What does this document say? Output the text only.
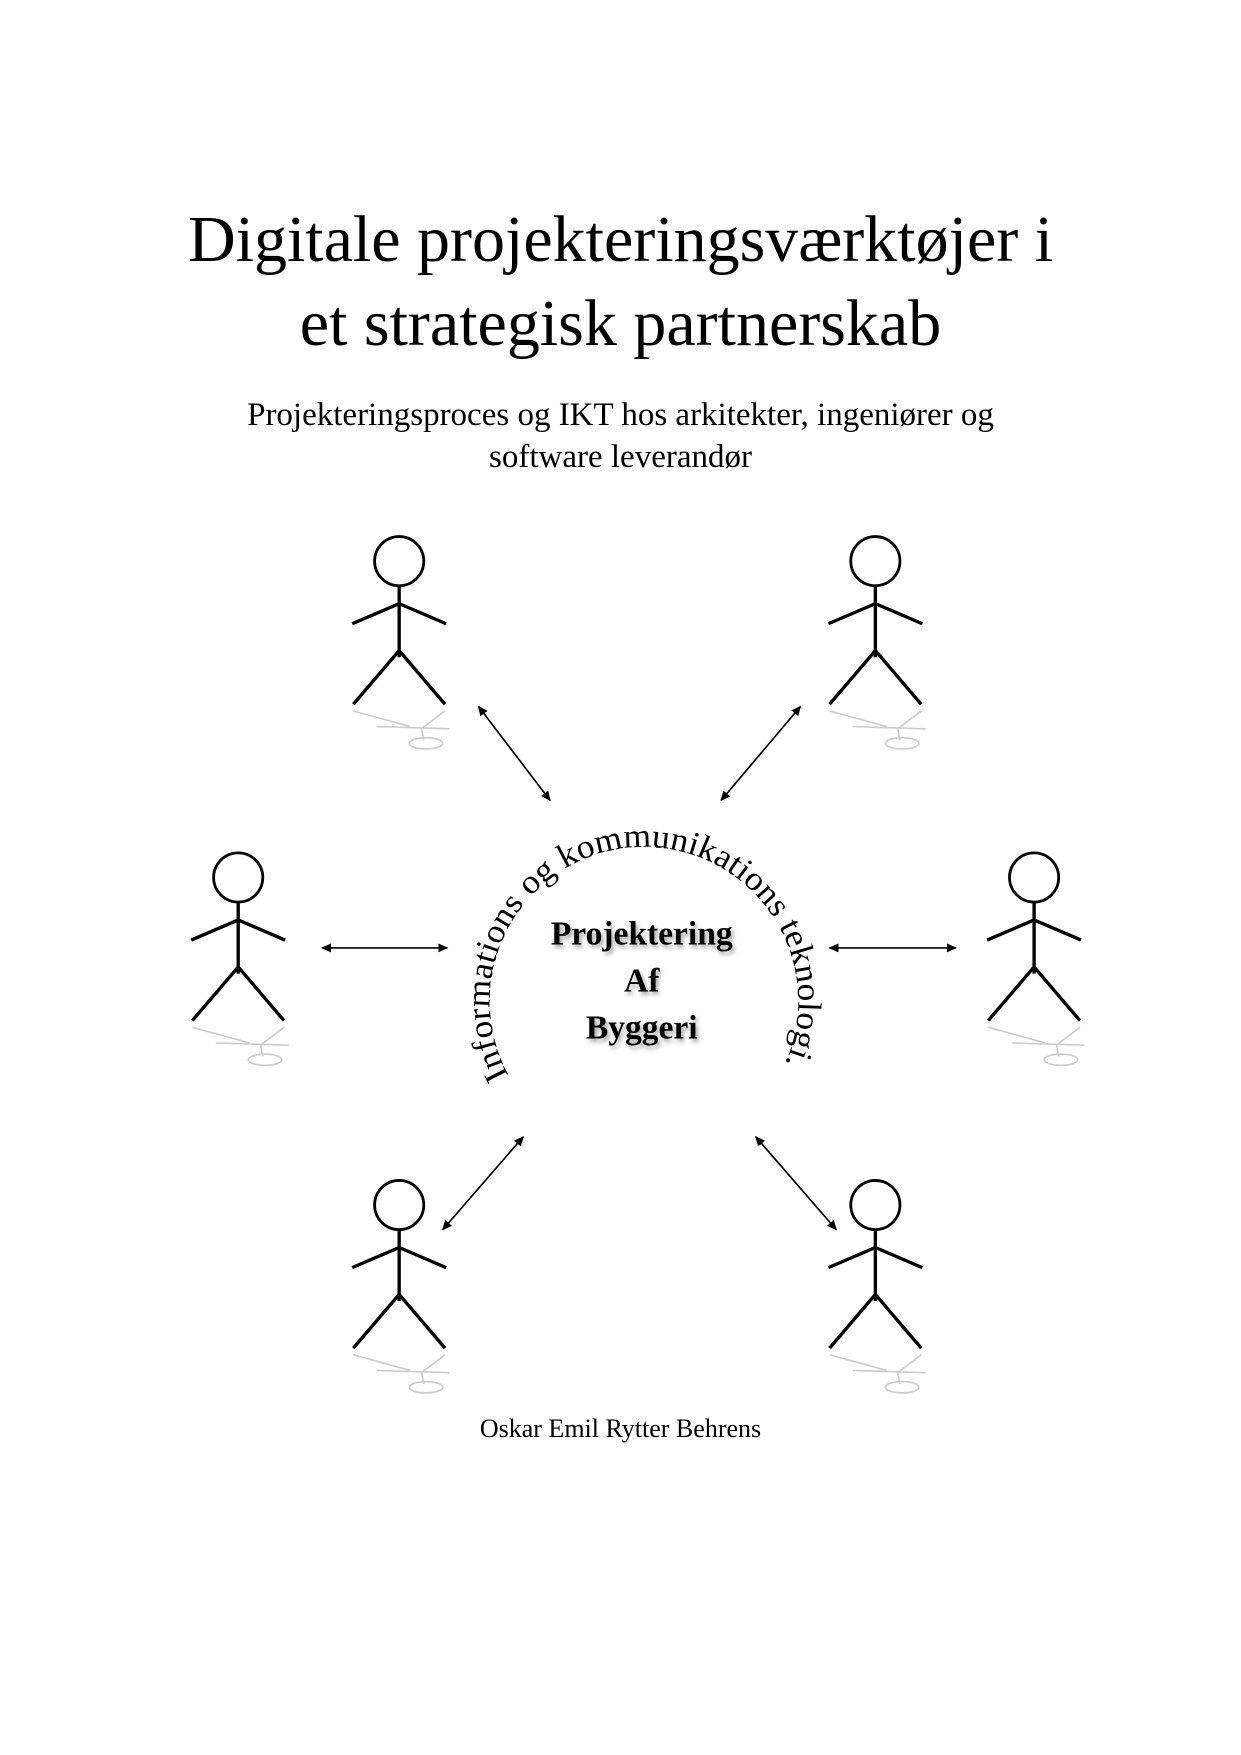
Digitale projekteringsværktøjer i
et strategisk partnerskab
Projekteringsproces og IKT hos arkitekter, ingeniører og
software leverandør
Informations og kommunikations teknologi.
Projektering
Af
Byggeri
Oskar Emil Rytter Behrens
